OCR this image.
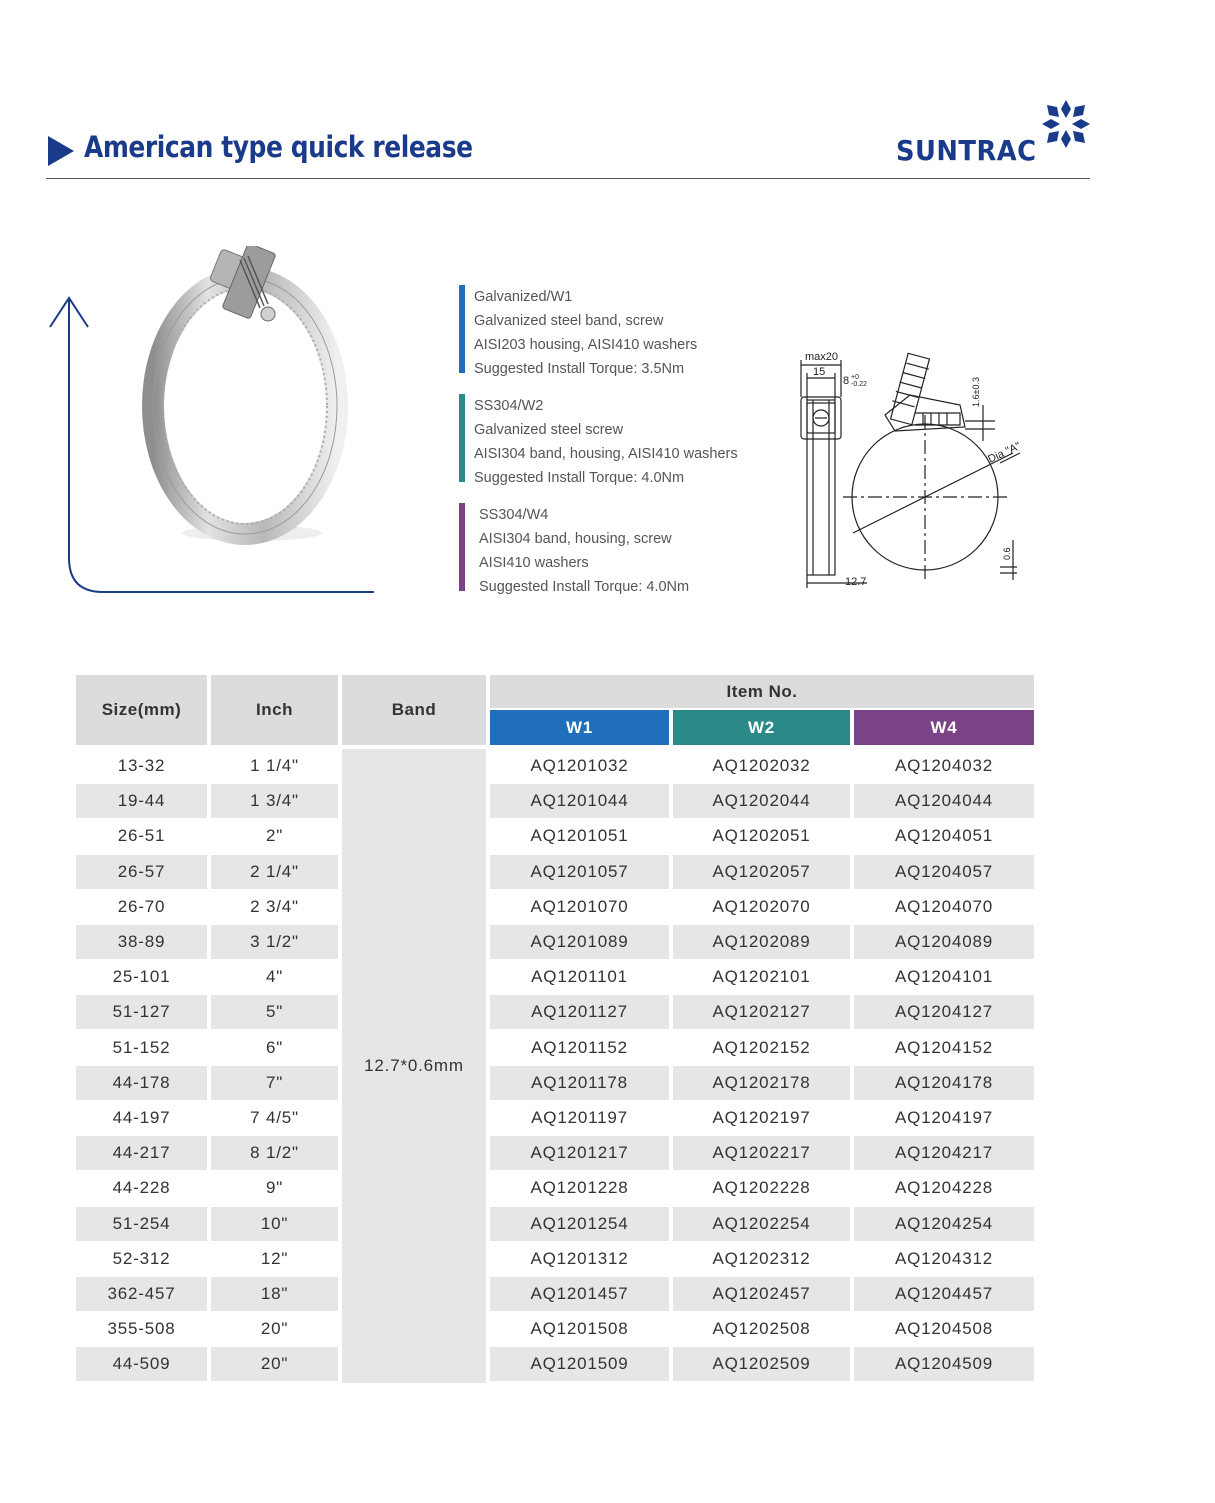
American type quick release	SUNTRAC
Galvanized/W1
Galvanized steel band, screw
AISI203 housing, AISI410 washers
Suggested Install Torque: 3.5Nm
SS304/W2
Galvanized steel screw
AISI304 band, housing, AISI410 washers
Suggested Install Torque: 4.0Nm
SS304/W4
AISI304 band, housing, screw
AISI410 washers
Suggested Install Torque: 4.0Nm
max20
15
8 +0
-0.22	1.6±0.3
Dia "A"
0.6
12.7
Size(mm)	Inch	Band
Item No.
W1	W2	W4
12.7*0.6mm
13-32	1 1/4"	AQ1201032	AQ1202032	AQ1204032
19-44	1 3/4"	AQ1201044	AQ1202044	AQ1204044
26-51	2"	AQ1201051	AQ1202051	AQ1204051
26-57	2 1/4"	AQ1201057	AQ1202057	AQ1204057
26-70	2 3/4"	AQ1201070	AQ1202070	AQ1204070
38-89	3 1/2"	AQ1201089	AQ1202089	AQ1204089
25-101	4"	AQ1201101	AQ1202101	AQ1204101
51-127	5"	AQ1201127	AQ1202127	AQ1204127
51-152	6"	AQ1201152	AQ1202152	AQ1204152
44-178	7"	AQ1201178	AQ1202178	AQ1204178
44-197	7 4/5"	AQ1201197	AQ1202197	AQ1204197
44-217	8 1/2"	AQ1201217	AQ1202217	AQ1204217
44-228	9"	AQ1201228	AQ1202228	AQ1204228
51-254	10"	AQ1201254	AQ1202254	AQ1204254
52-312	12"	AQ1201312	AQ1202312	AQ1204312
362-457	18"	AQ1201457	AQ1202457	AQ1204457
355-508	20"	AQ1201508	AQ1202508	AQ1204508
44-509	20"	AQ1201509	AQ1202509	AQ1204509
